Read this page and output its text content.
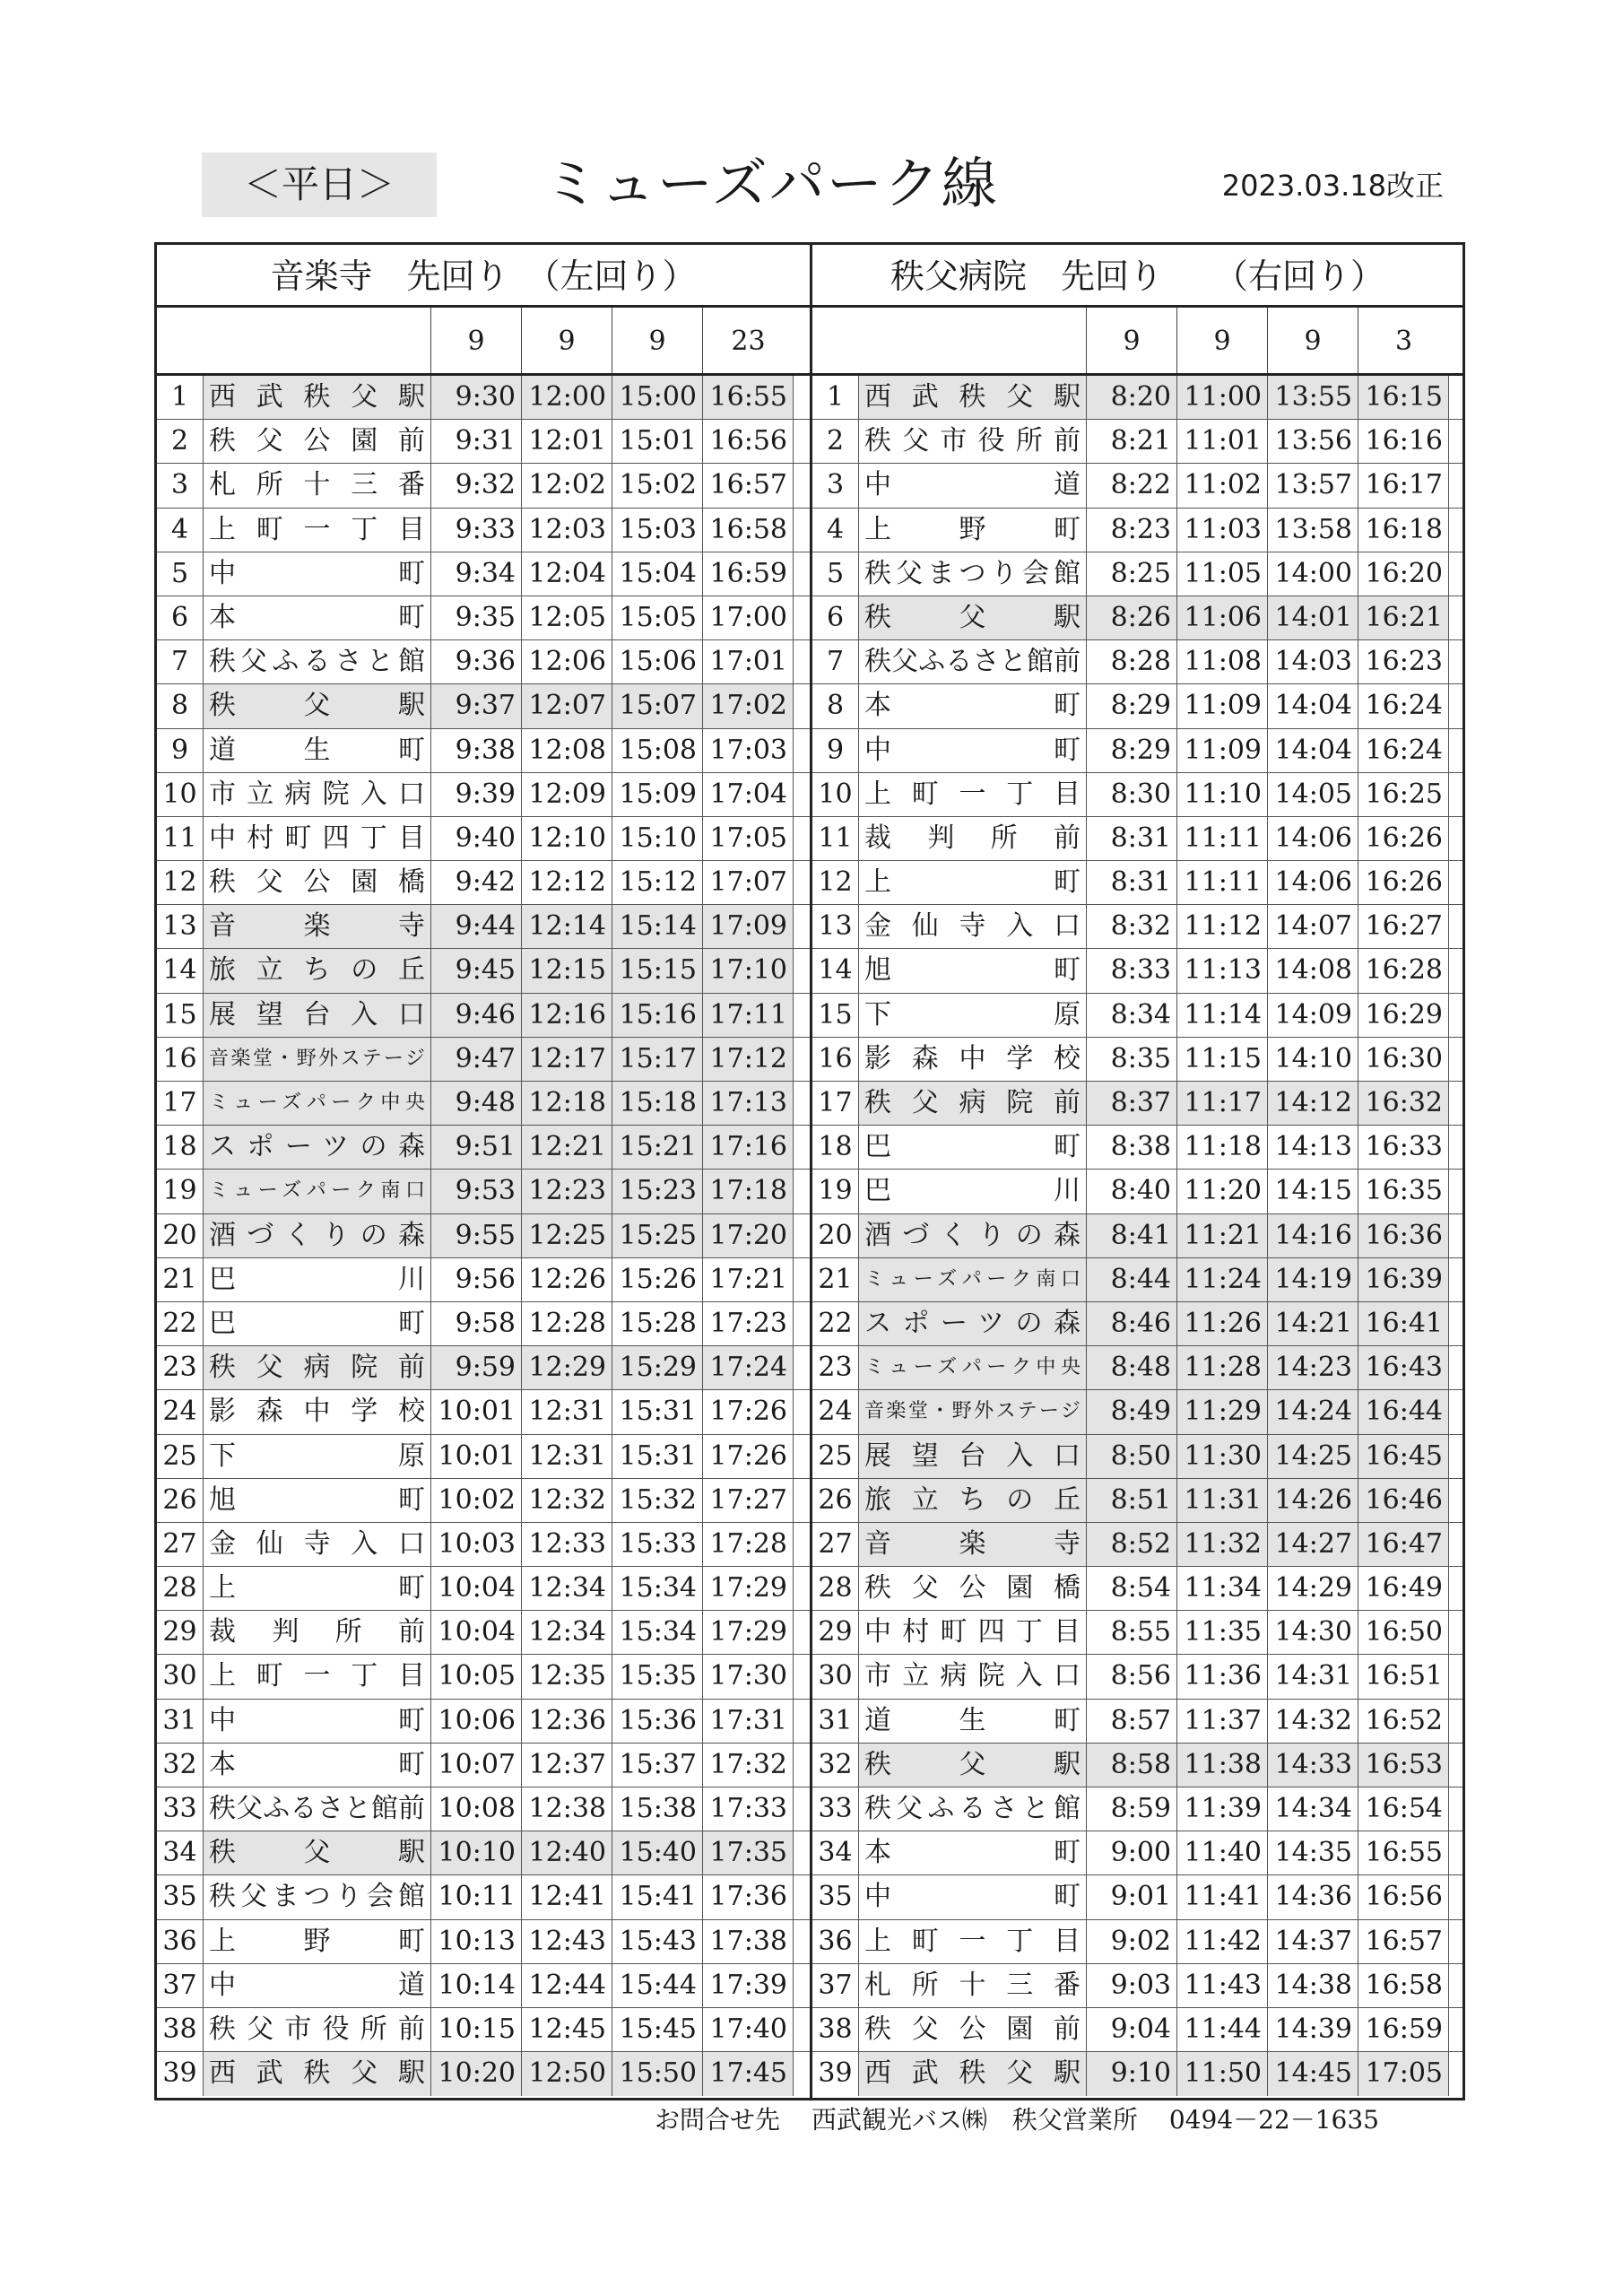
＜平日＞	ミューズパーク線	2023.03.18改正
音楽寺　先回り　（左回り）
9	9	9	23
1 西武秩父駅	9:30 12:00 15:00 16:55
2 秩父公園前	9:31 12:01 15:01 16:56
3 札所十三番	9:32 12:02 15:02 16:57
4 上町一丁目	9:33 12:03 15:03 16:58
5 中　町	9:34 12:04 15:04 16:59
6 本　町	9:35 12:05 15:05 17:00
7 秩父ふるさと館	9:36 12:06 15:06 17:01
8 秩　父　駅	9:37 12:07 15:07 17:02
9 道　生　町	9:38 12:08 15:08 17:03
10 市立病院入口	9:39 12:09 15:09 17:04
11 中村町四丁目	9:40 12:10 15:10 17:05
12 秩父公園橋	9:42 12:12 15:12 17:07
13 音　楽　寺	9:44 12:14 15:14 17:09
14 旅立ちの丘	9:45 12:15 15:15 17:10
15 展望台入口	9:46 12:16 15:16 17:11
16 音楽堂・野外ステージ	9:47 12:17 15:17 17:12
17 ミューズパーク中央	9:48 12:18 15:18 17:13
18 スポーツの森	9:51 12:21 15:21 17:16
19 ミューズパーク南口	9:53 12:23 15:23 17:18
20 酒づくりの森	9:55 12:25 15:25 17:20
21 巴　川	9:56 12:26 15:26 17:21
22 巴　町	9:58 12:28 15:28 17:23
23 秩父病院前	9:59 12:29 15:29 17:24
24 影森中学校 10:01 12:31 15:31 17:26
25 下　原 10:01 12:31 15:31 17:26
26 旭　町 10:02 12:32 15:32 17:27
27 金仙寺入口 10:03 12:33 15:33 17:28
28 上　町 10:04 12:34 15:34 17:29
29 裁　判　所　前 10:04 12:34 15:34 17:29
30 上町一丁目 10:05 12:35 15:35 17:30
31 中　町 10:06 12:36 15:36 17:31
32 本　町 10:07 12:37 15:37 17:32
33 秩父ふるさと館前 10:08 12:38 15:38 17:33
34 秩　父　駅 10:10 12:40 15:40 17:35
35 秩父まつり会館 10:11 12:41 15:41 17:36
36 上　野　町 10:13 12:43 15:43 17:38
37 中　道 10:14 12:44 15:44 17:39
38 秩父市役所前 10:15 12:45 15:45 17:40
39 西武秩父駅 10:20 12:50 15:50 17:45
秩父病院　先回り　　（右回り）
9	9	9	3
1 西武秩父駅	8:20 11:00 13:55 16:15
2 秩父市役所前	8:21 11:01 13:56 16:16
3 中　道	8:22 11:02 13:57 16:17
4 上　野　町	8:23 11:03 13:58 16:18
5 秩父まつり会館	8:25 11:05 14:00 16:20
6 秩　父　駅	8:26 11:06 14:01 16:21
7 秩父ふるさと館前	8:28 11:08 14:03 16:23
8 本　町	8:29 11:09 14:04 16:24
9 中　町	8:29 11:09 14:04 16:24
10 上町一丁目	8:30 11:10 14:05 16:25
11 裁　判　所　前	8:31 11:11 14:06 16:26
12 上　町	8:31 11:11 14:06 16:26
13 金仙寺入口	8:32 11:12 14:07 16:27
14 旭　町	8:33 11:13 14:08 16:28
15 下　原	8:34 11:14 14:09 16:29
16 影森中学校	8:35 11:15 14:10 16:30
17 秩父病院前	8:37 11:17 14:12 16:32
18 巴　町	8:38 11:18 14:13 16:33
19 巴　川	8:40 11:20 14:15 16:35
20 酒づくりの森	8:41 11:21 14:16 16:36
21 ミューズパーク南口	8:44 11:24 14:19 16:39
22 スポーツの森	8:46 11:26 14:21 16:41
23 ミューズパーク中央	8:48 11:28 14:23 16:43
24 音楽堂・野外ステージ	8:49 11:29 14:24 16:44
25 展望台入口	8:50 11:30 14:25 16:45
26 旅立ちの丘	8:51 11:31 14:26 16:46
27 音　楽　寺	8:52 11:32 14:27 16:47
28 秩父公園橋	8:54 11:34 14:29 16:49
29 中村町四丁目	8:55 11:35 14:30 16:50
30 市立病院入口	8:56 11:36 14:31 16:51
31 道　生　町	8:57 11:37 14:32 16:52
32 秩　父　駅	8:58 11:38 14:33 16:53
33 秩父ふるさと館	8:59 11:39 14:34 16:54
34 本　町	9:00 11:40 14:35 16:55
35 中　町	9:01 11:41 14:36 16:56
36 上町一丁目	9:02 11:42 14:37 16:57
37 札所十三番	9:03 11:43 14:38 16:58
38 秩父公園前	9:04 11:44 14:39 16:59
39 西武秩父駅	9:10 11:50 14:45 17:05
お問合せ先 西武観光バス㈱　秩父営業所 0494－22－1635
